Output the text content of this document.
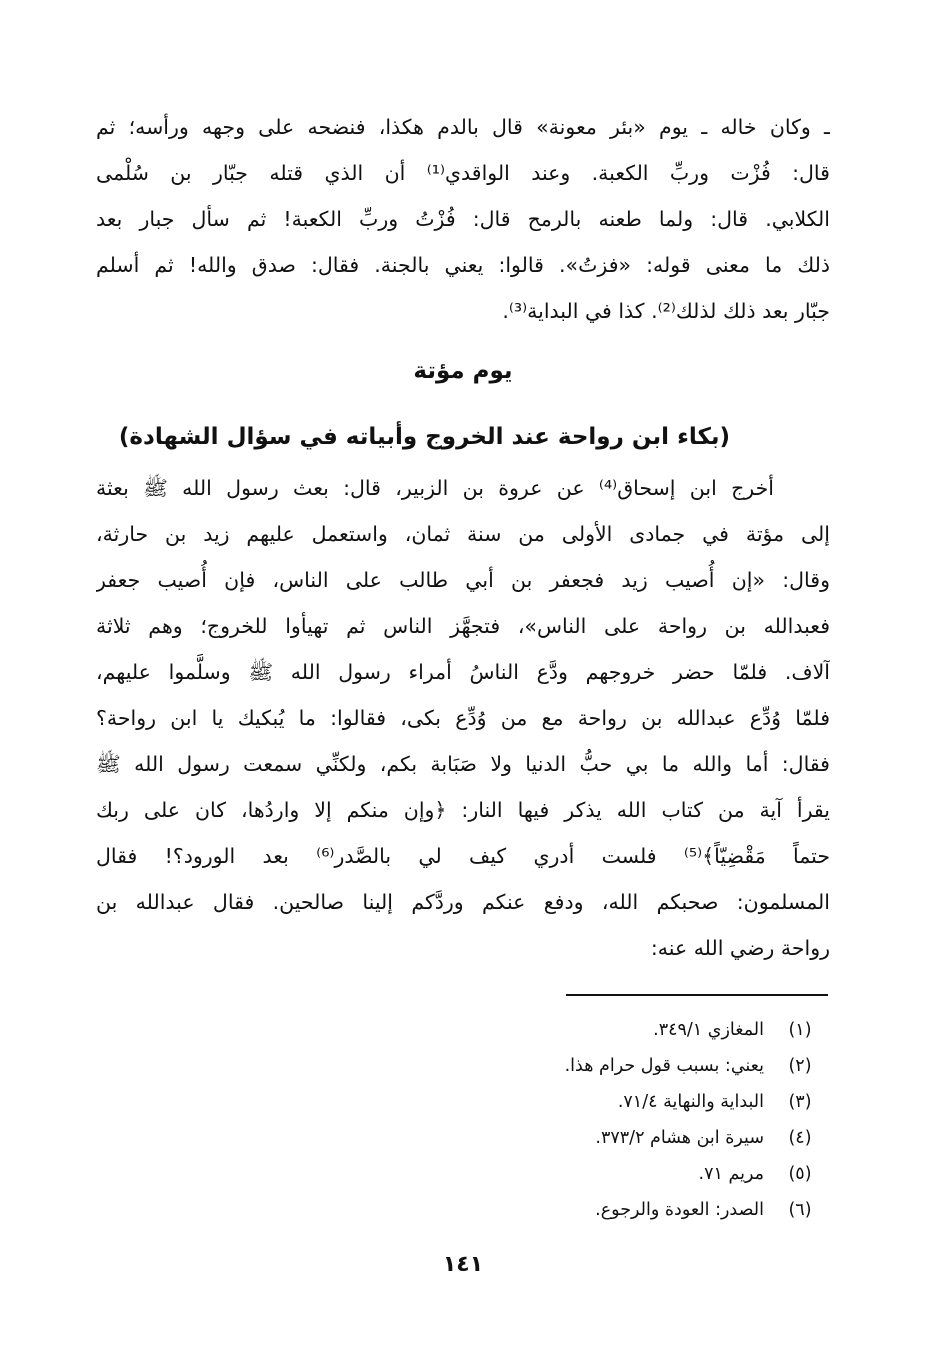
ـ وكان خاله ـ يوم «بئر معونة» قال بالدم هكذا، فنضحه على وجهه ورأسه؛ ثم
قال: فُزْت وربِّ الكعبة. وعند الواقدي⁽¹⁾ أن الذي قتله جبّار بن سُلْمى
الكلابي. قال: ولما طعنه بالرمح قال: فُزْتُ وربِّ الكعبة! ثم سأل جبار بعد
ذلك ما معنى قوله: «فزتُ». قالوا: يعني بالجنة. فقال: صدق والله! ثم أسلم
جبّار بعد ذلك لذلك⁽²⁾. كذا في البداية⁽³⁾.
يوم مؤتة
(بكاء ابن رواحة عند الخروج وأبياته في سؤال الشهادة)
أخرج ابن إسحاق⁽⁴⁾ عن عروة بن الزبير، قال: بعث رسول الله ﷺ بعثة
إلى مؤتة في جمادى الأولى من سنة ثمان، واستعمل عليهم زيد بن حارثة،
وقال: «إن أُصيب زيد فجعفر بن أبي طالب على الناس، فإن أُصيب جعفر
فعبدالله بن رواحة على الناس»، فتجهَّز الناس ثم تهيأوا للخروج؛ وهم ثلاثة
آلاف. فلمّا حضر خروجهم ودَّع الناسُ أمراء رسول الله ﷺ وسلَّموا عليهم،
فلمّا وُدِّع عبدالله بن رواحة مع من وُدِّع بكى، فقالوا: ما يُبكيك يا ابن رواحة؟
فقال: أما والله ما بي حبُّ الدنيا ولا صَبَابة بكم، ولكنِّي سمعت رسول الله ﷺ
يقرأ آية من كتاب الله يذكر فيها النار: ﴿وإن منكم إلا واردُها، كان على ربك
حتماً مَقْضِيّاً﴾⁽⁵⁾ فلست أدري كيف لي بالصَّدر⁽⁶⁾ بعد الورود؟! فقال
المسلمون: صحبكم الله، ودفع عنكم وردَّكم إلينا صالحين. فقال عبدالله بن
رواحة رضي الله عنه:
(١)
المغازي ٣٤٩/١.
(٢)
يعني: بسبب قول حرام هذا.
(٣)
البداية والنهاية ٧١/٤.
(٤)
سيرة ابن هشام ٣٧٣/٢.
(٥)
مريم ٧١.
(٦)
الصدر: العودة والرجوع.
١٤١
